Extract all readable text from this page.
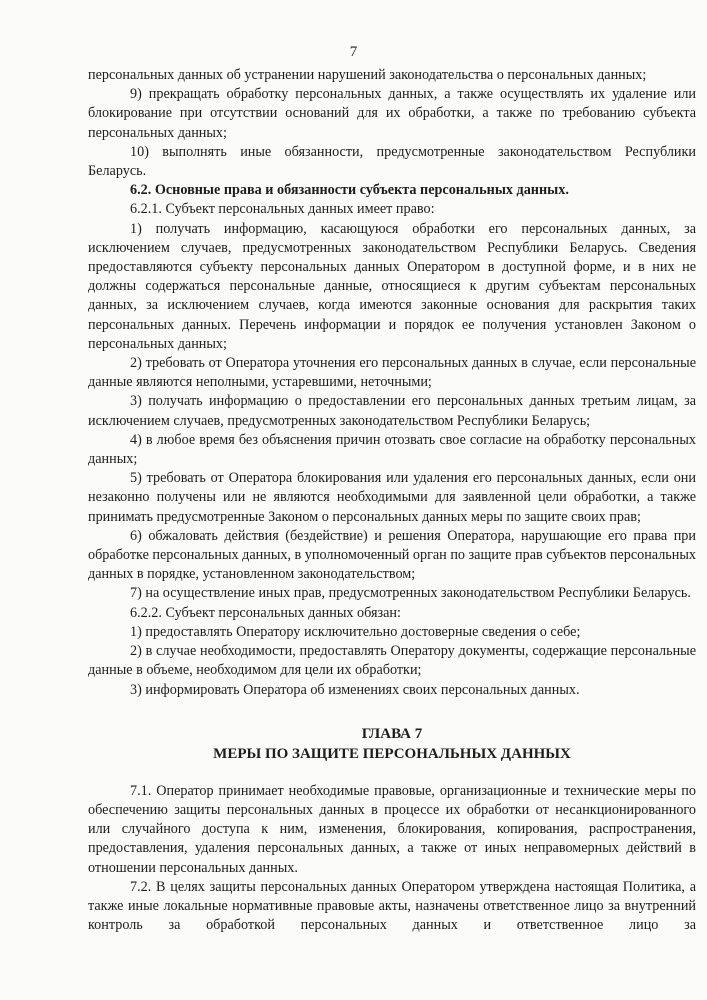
7

персональных данных об устранении нарушений законодательства о персональных данных;

9) прекращать обработку персональных данных, а также осуществлять их удаление или блокирование при отсутствии оснований для их обработки, а также по требованию субъекта персональных данных;

10) выполнять иные обязанности, предусмотренные законодательством Республики Беларусь.

6.2. Основные права и обязанности субъекта персональных данных.

6.2.1. Субъект персональных данных имеет право:

1) получать информацию, касающуюся обработки его персональных данных, за исключением случаев, предусмотренных законодательством Республики Беларусь. Сведения предоставляются субъекту персональных данных Оператором в доступной форме, и в них не должны содержаться персональные данные, относящиеся к другим субъектам персональных данных, за исключением случаев, когда имеются законные основания для раскрытия таких персональных данных. Перечень информации и порядок ее получения установлен Законом о персональных данных;

2) требовать от Оператора уточнения его персональных данных в случае, если персональные данные являются неполными, устаревшими, неточными;

3) получать информацию о предоставлении его персональных данных третьим лицам, за исключением случаев, предусмотренных законодательством Республики Беларусь;

4) в любое время без объяснения причин отозвать свое согласие на обработку персональных данных;

5) требовать от Оператора блокирования или удаления его персональных данных, если они незаконно получены или не являются необходимыми для заявленной цели обработки, а также принимать предусмотренные Законом о персональных данных меры по защите своих прав;

6) обжаловать действия (бездействие) и решения Оператора, нарушающие его права при обработке персональных данных, в уполномоченный орган по защите прав субъектов персональных данных в порядке, установленном законодательством;

7) на осуществление иных прав, предусмотренных законодательством Республики Беларусь.

6.2.2. Субъект персональных данных обязан:

1) предоставлять Оператору исключительно достоверные сведения о себе;

2) в случае необходимости, предоставлять Оператору документы, содержащие персональные данные в объеме, необходимом для цели их обработки;

3) информировать Оператора об изменениях своих персональных данных.

ГЛАВА 7

МЕРЫ ПО ЗАЩИТЕ ПЕРСОНАЛЬНЫХ ДАННЫХ

7.1. Оператор принимает необходимые правовые, организационные и технические меры по обеспечению защиты персональных данных в процессе их обработки от несанкционированного или случайного доступа к ним, изменения, блокирования, копирования, распространения, предоставления, удаления персональных данных, а также от иных неправомерных действий в отношении персональных данных.

7.2. В целях защиты персональных данных Оператором утверждена настоящая Политика, а также иные локальные нормативные правовые акты, назначены ответственное лицо за внутренний контроль за обработкой персональных данных и ответственное лицо за
